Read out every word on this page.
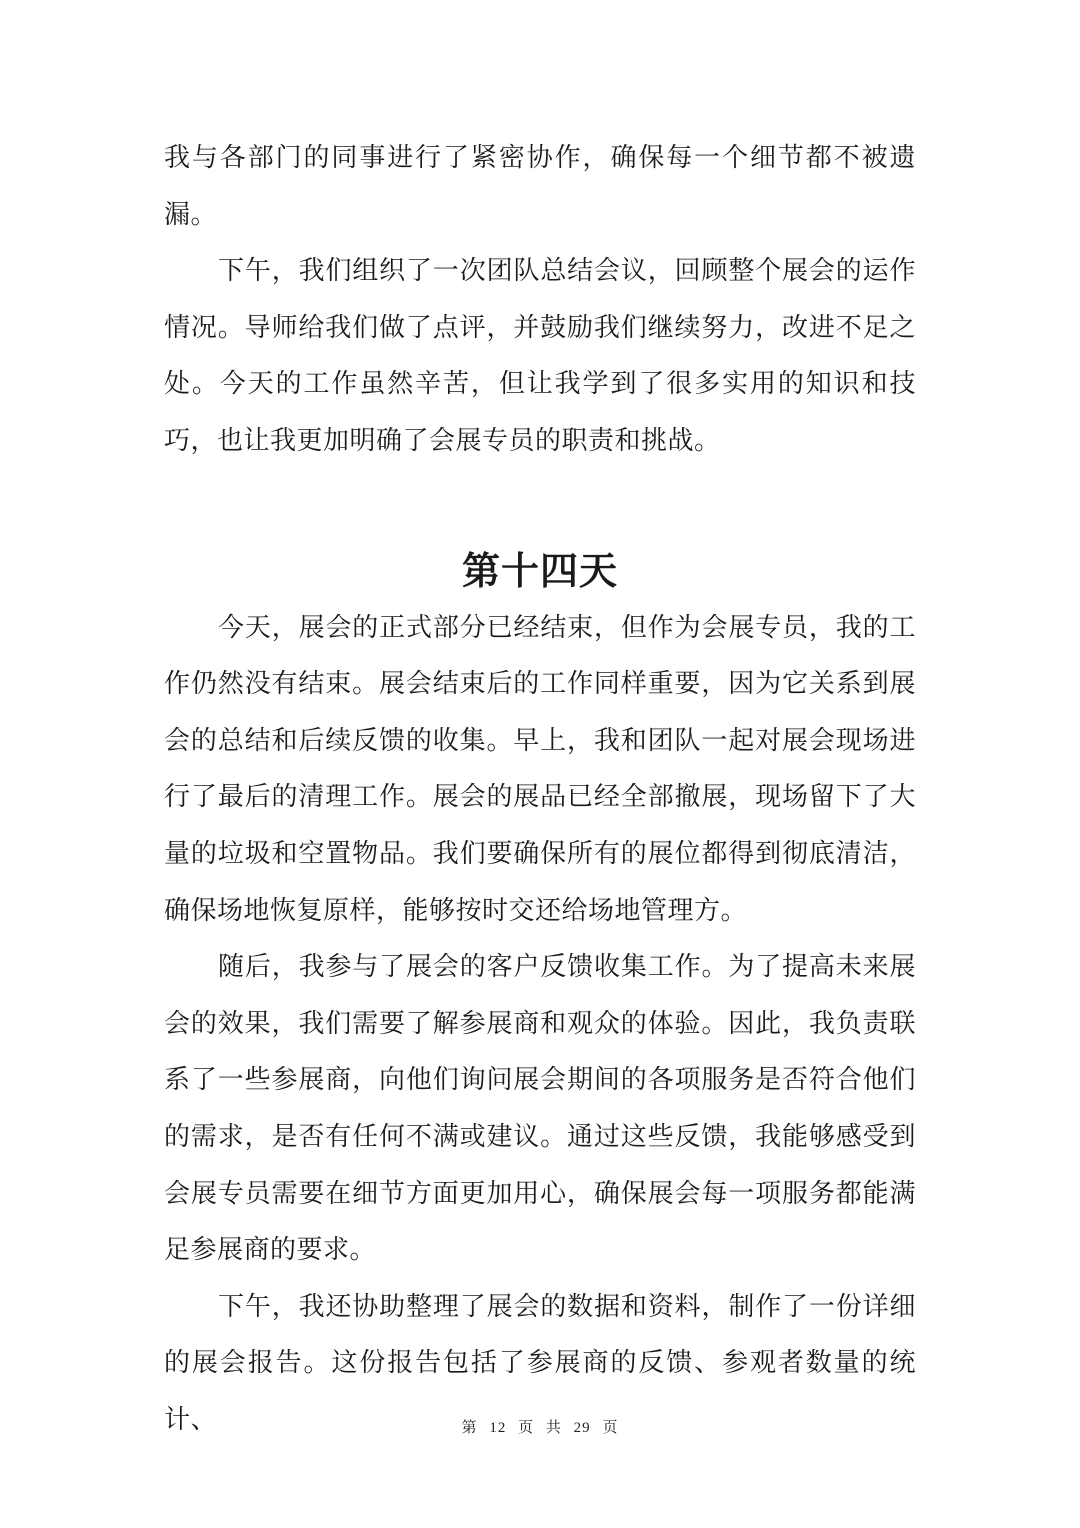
我与各部门的同事进行了紧密协作，确保每一个细节都不被遗漏。

下午，我们组织了一次团队总结会议，回顾整个展会的运作情况。导师给我们做了点评，并鼓励我们继续努力，改进不足之处。今天的工作虽然辛苦，但让我学到了很多实用的知识和技巧，也让我更加明确了会展专员的职责和挑战。

第十四天

今天，展会的正式部分已经结束，但作为会展专员，我的工作仍然没有结束。展会结束后的工作同样重要，因为它关系到展会的总结和后续反馈的收集。早上，我和团队一起对展会现场进行了最后的清理工作。展会的展品已经全部撤展，现场留下了大量的垃圾和空置物品。我们要确保所有的展位都得到彻底清洁，确保场地恢复原样，能够按时交还给场地管理方。

随后，我参与了展会的客户反馈收集工作。为了提高未来展会的效果，我们需要了解参展商和观众的体验。因此，我负责联系了一些参展商，向他们询问展会期间的各项服务是否符合他们的需求，是否有任何不满或建议。通过这些反馈，我能够感受到会展专员需要在细节方面更加用心，确保展会每一项服务都能满足参展商的要求。

下午，我还协助整理了展会的数据和资料，制作了一份详细的展会报告。这份报告包括了参展商的反馈、参观者数量的统计、	第 12 页 共 29 页
